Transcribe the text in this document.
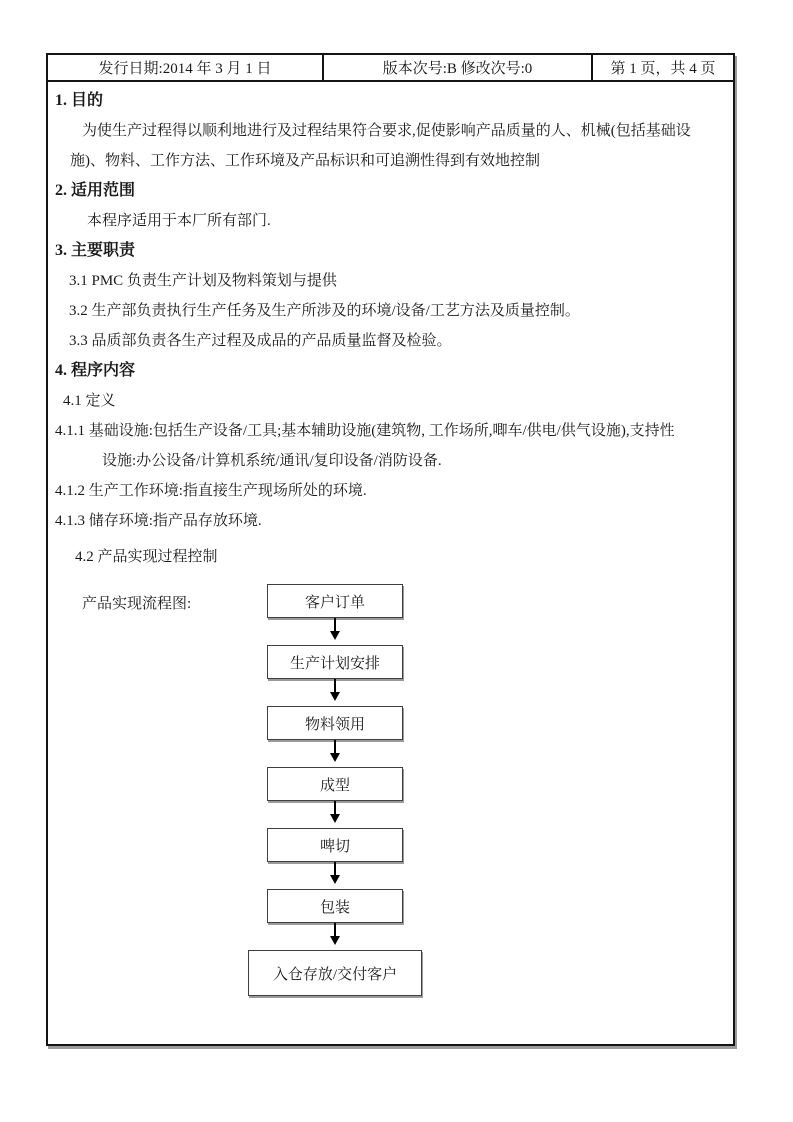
发行日期:2014 年 3 月 1 日	版本次号:B 修改次号:0	第 1 页，共 4 页
1. 目的
为使生产过程得以顺利地进行及过程结果符合要求,促使影响产品质量的人、机械(包括基础设
施)、物料、工作方法、工作环境及产品标识和可追溯性得到有效地控制
2. 适用范围
本程序适用于本厂所有部门.
3. 主要职责
3.1 PMC 负责生产计划及物料策划与提供
3.2 生产部负责执行生产任务及生产所涉及的环境/设备/工艺方法及质量控制。
3.3 品质部负责各生产过程及成品的产品质量监督及检验。
4. 程序内容
4.1 定义
4.1.1 基础设施:包括生产设备/工具;基本辅助设施(建筑物, 工作场所,唧车/供电/供气设施),支持性
设施:办公设备/计算机系统/通讯/复印设备/消防设备.
4.1.2 生产工作环境:指直接生产现场所处的环境.
4.1.3 储存环境:指产品存放环境.
4.2 产品实现过程控制
产品实现流程图:	客户订单
生产计划安排
物料领用
成型
啤切
包装
入仓存放/交付客户
